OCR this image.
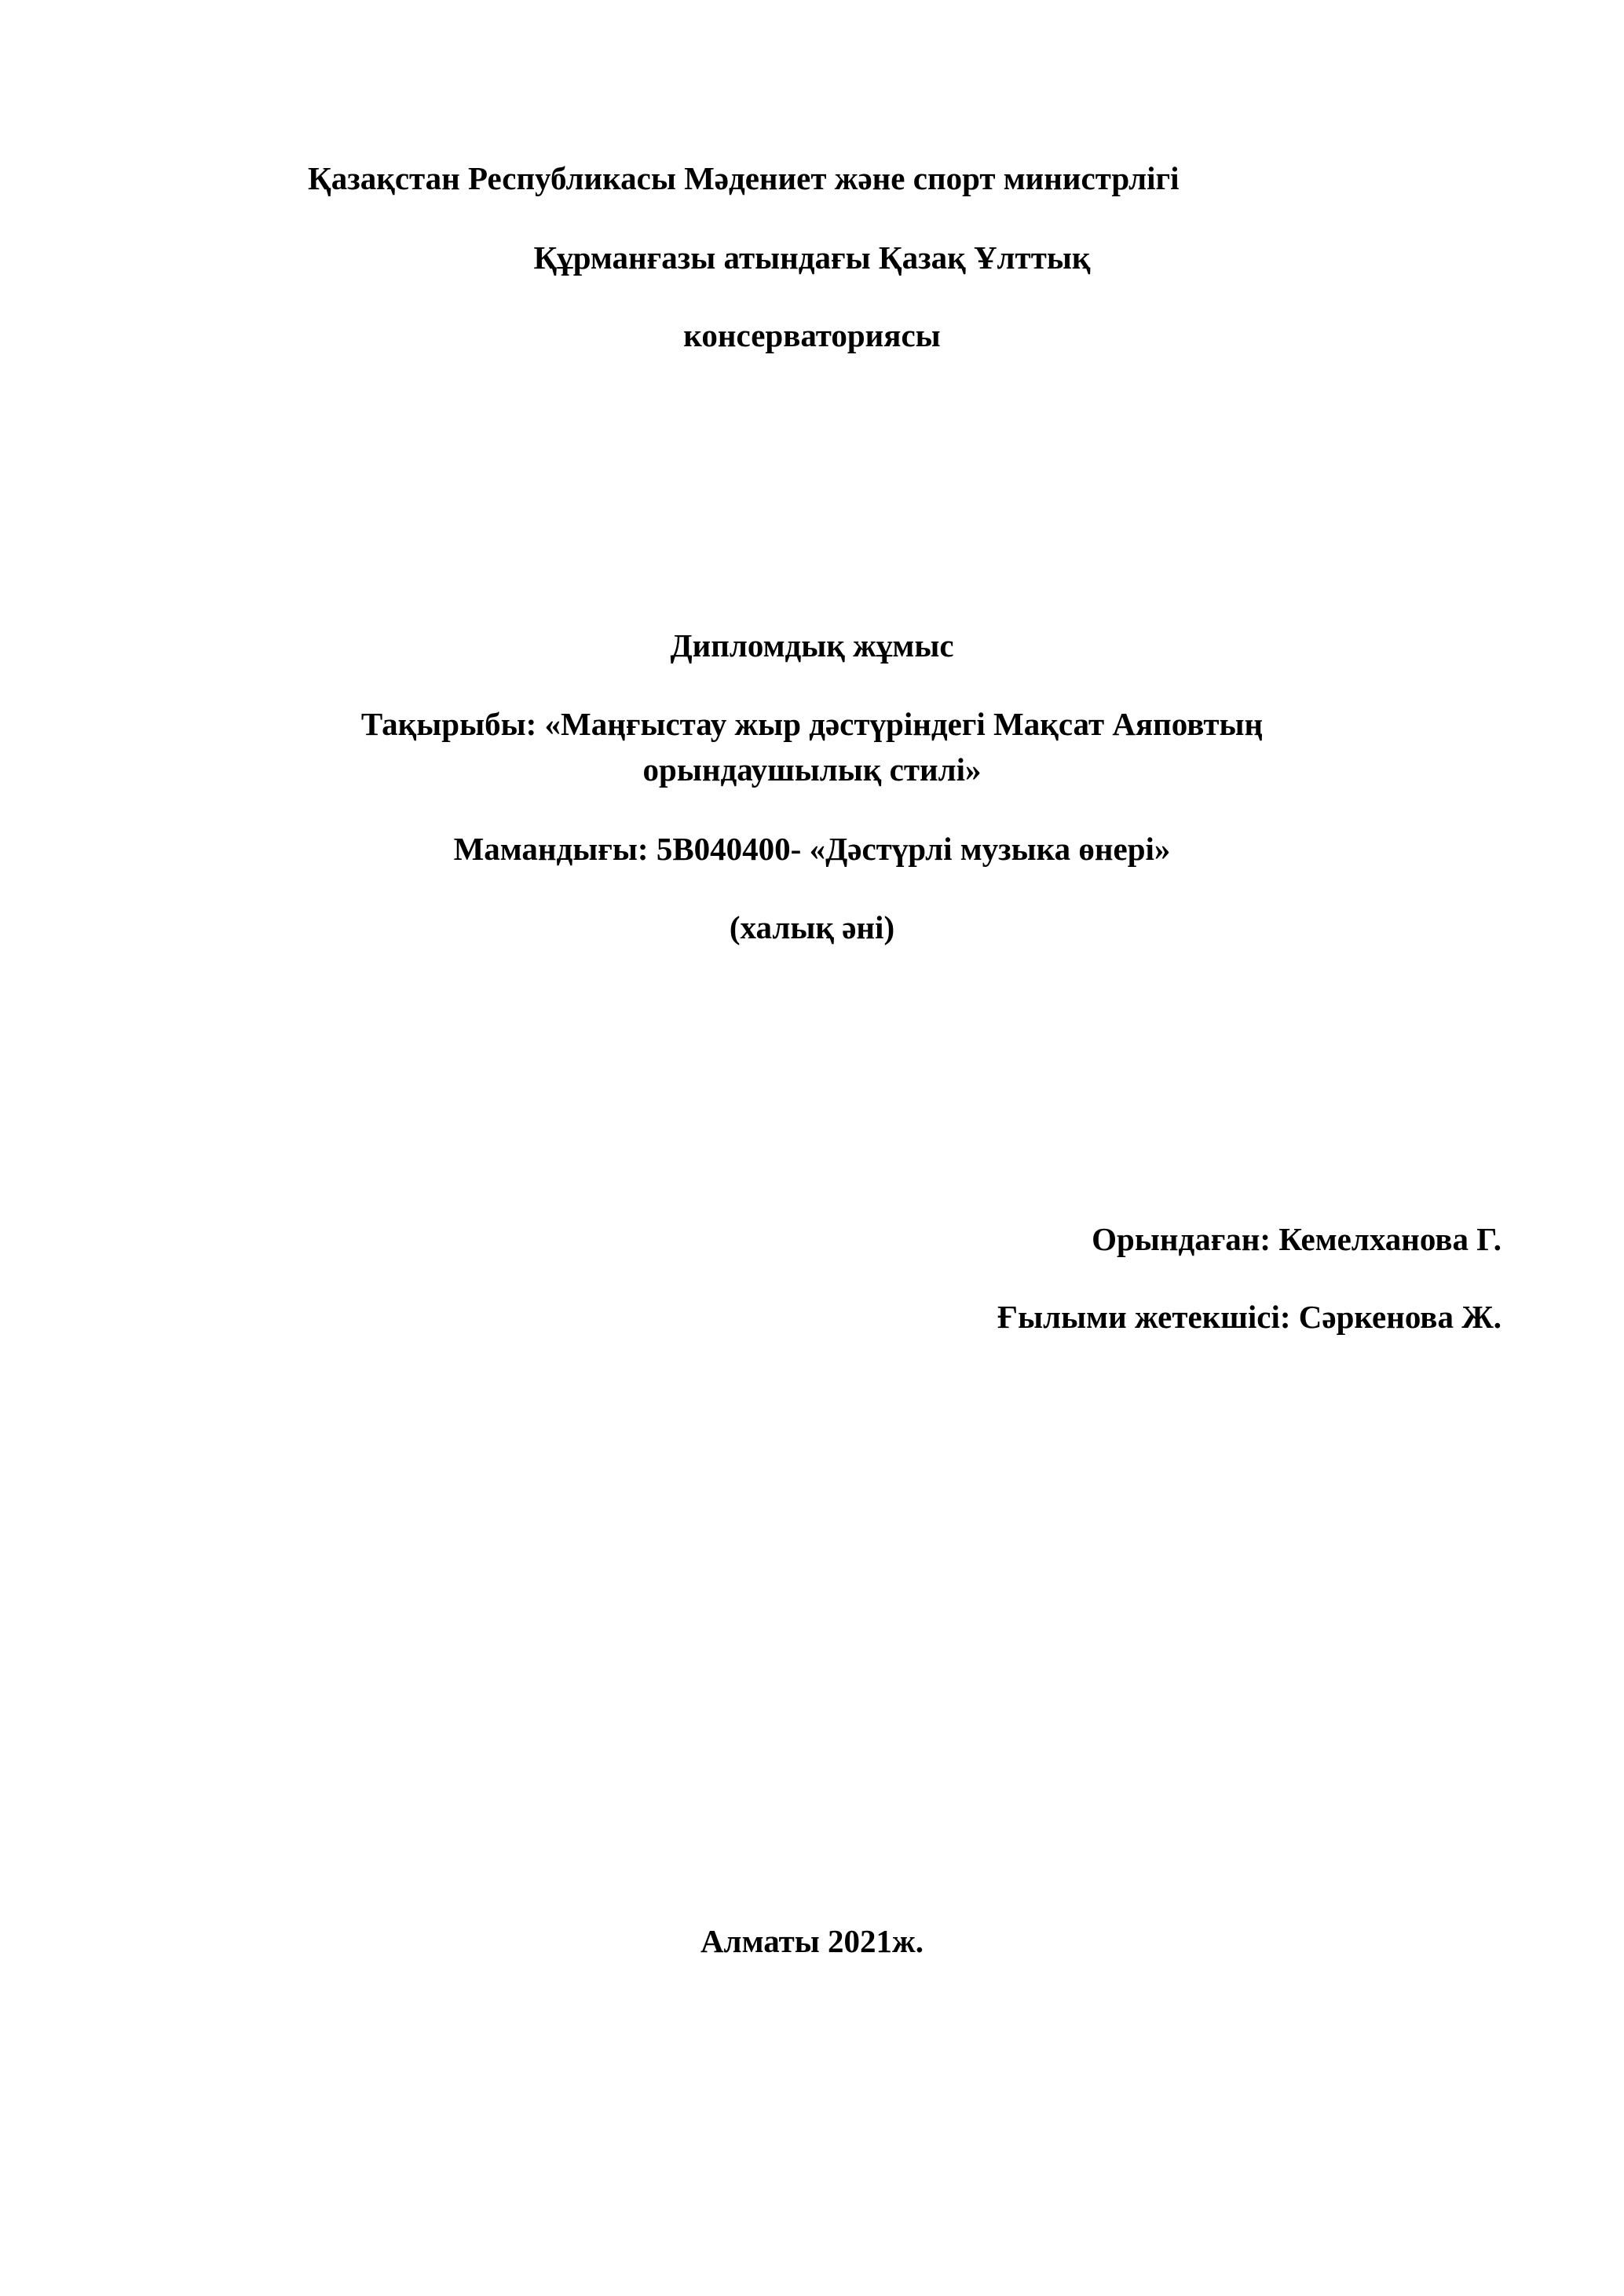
Қазақстан Республикасы Мәдениет және спорт министрлігі
Құрманғазы атындағы Қазақ Ұлттық
консерваториясы
Дипломдық жұмыс
Тақырыбы: «Маңғыстау жыр дәстүріндегі Мақсат Аяповтың
орындаушылық стилі»
Мамандығы: 5В040400- «Дәстүрлі музыка өнері»
(халық әні)
Орындаған: Кемелханова Г.
Ғылыми жетекшісі: Сәркенова Ж.
Алматы 2021ж.
